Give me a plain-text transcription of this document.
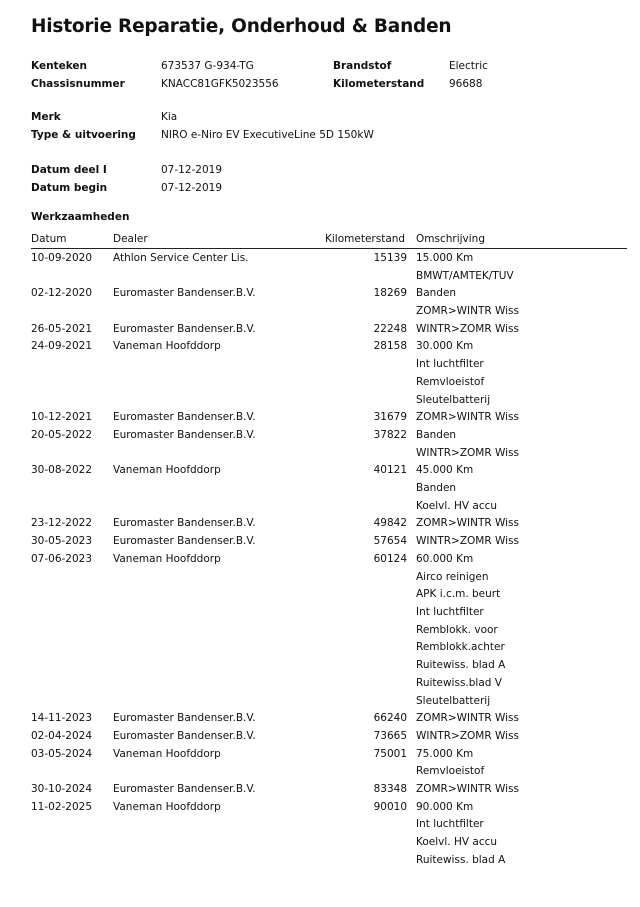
Historie Reparatie, Onderhoud & Banden
Kenteken	673537 G-934-TG	Brandstof	Electric
Chassisnummer	KNACC81GFK5023556	Kilometerstand 96688
Merk	Kia
Type & uitvoering NIRO e-Niro EV ExecutiveLine 5D 150kW
Datum deel I	07-12-2019
Datum begin	07-12-2019
Werkzaamheden
Datum	Dealer	Kilometerstand Omschrijving
10-09-2020 Athlon Service Center Lis.	15139 15.000 Km
BMWT/AMTEK/TUV
02-12-2020 Euromaster Bandenser.B.V.	18269 Banden
ZOMR>WINTR Wiss
26-05-2021 Euromaster Bandenser.B.V.	22248 WINTR>ZOMR Wiss
24-09-2021 Vaneman Hoofddorp	28158 30.000 Km
Int luchtfilter
Remvloeistof
Sleutelbatterij
10-12-2021 Euromaster Bandenser.B.V.	31679 ZOMR>WINTR Wiss
20-05-2022 Euromaster Bandenser.B.V.	37822 Banden
WINTR>ZOMR Wiss
30-08-2022 Vaneman Hoofddorp	40121 45.000 Km
Banden
Koelvl. HV accu
23-12-2022 Euromaster Bandenser.B.V.	49842 ZOMR>WINTR Wiss
30-05-2023 Euromaster Bandenser.B.V.	57654 WINTR>ZOMR Wiss
07-06-2023 Vaneman Hoofddorp	60124 60.000 Km
Airco reinigen
APK i.c.m. beurt
Int luchtfilter
Remblokk. voor
Remblokk.achter
Ruitewiss. blad A
Ruitewiss.blad V
Sleutelbatterij
14-11-2023 Euromaster Bandenser.B.V.	66240 ZOMR>WINTR Wiss
02-04-2024 Euromaster Bandenser.B.V.	73665 WINTR>ZOMR Wiss
03-05-2024 Vaneman Hoofddorp	75001 75.000 Km
Remvloeistof
30-10-2024 Euromaster Bandenser.B.V.	83348 ZOMR>WINTR Wiss
11-02-2025 Vaneman Hoofddorp	90010 90.000 Km
Int luchtfilter
Koelvl. HV accu
Ruitewiss. blad A
